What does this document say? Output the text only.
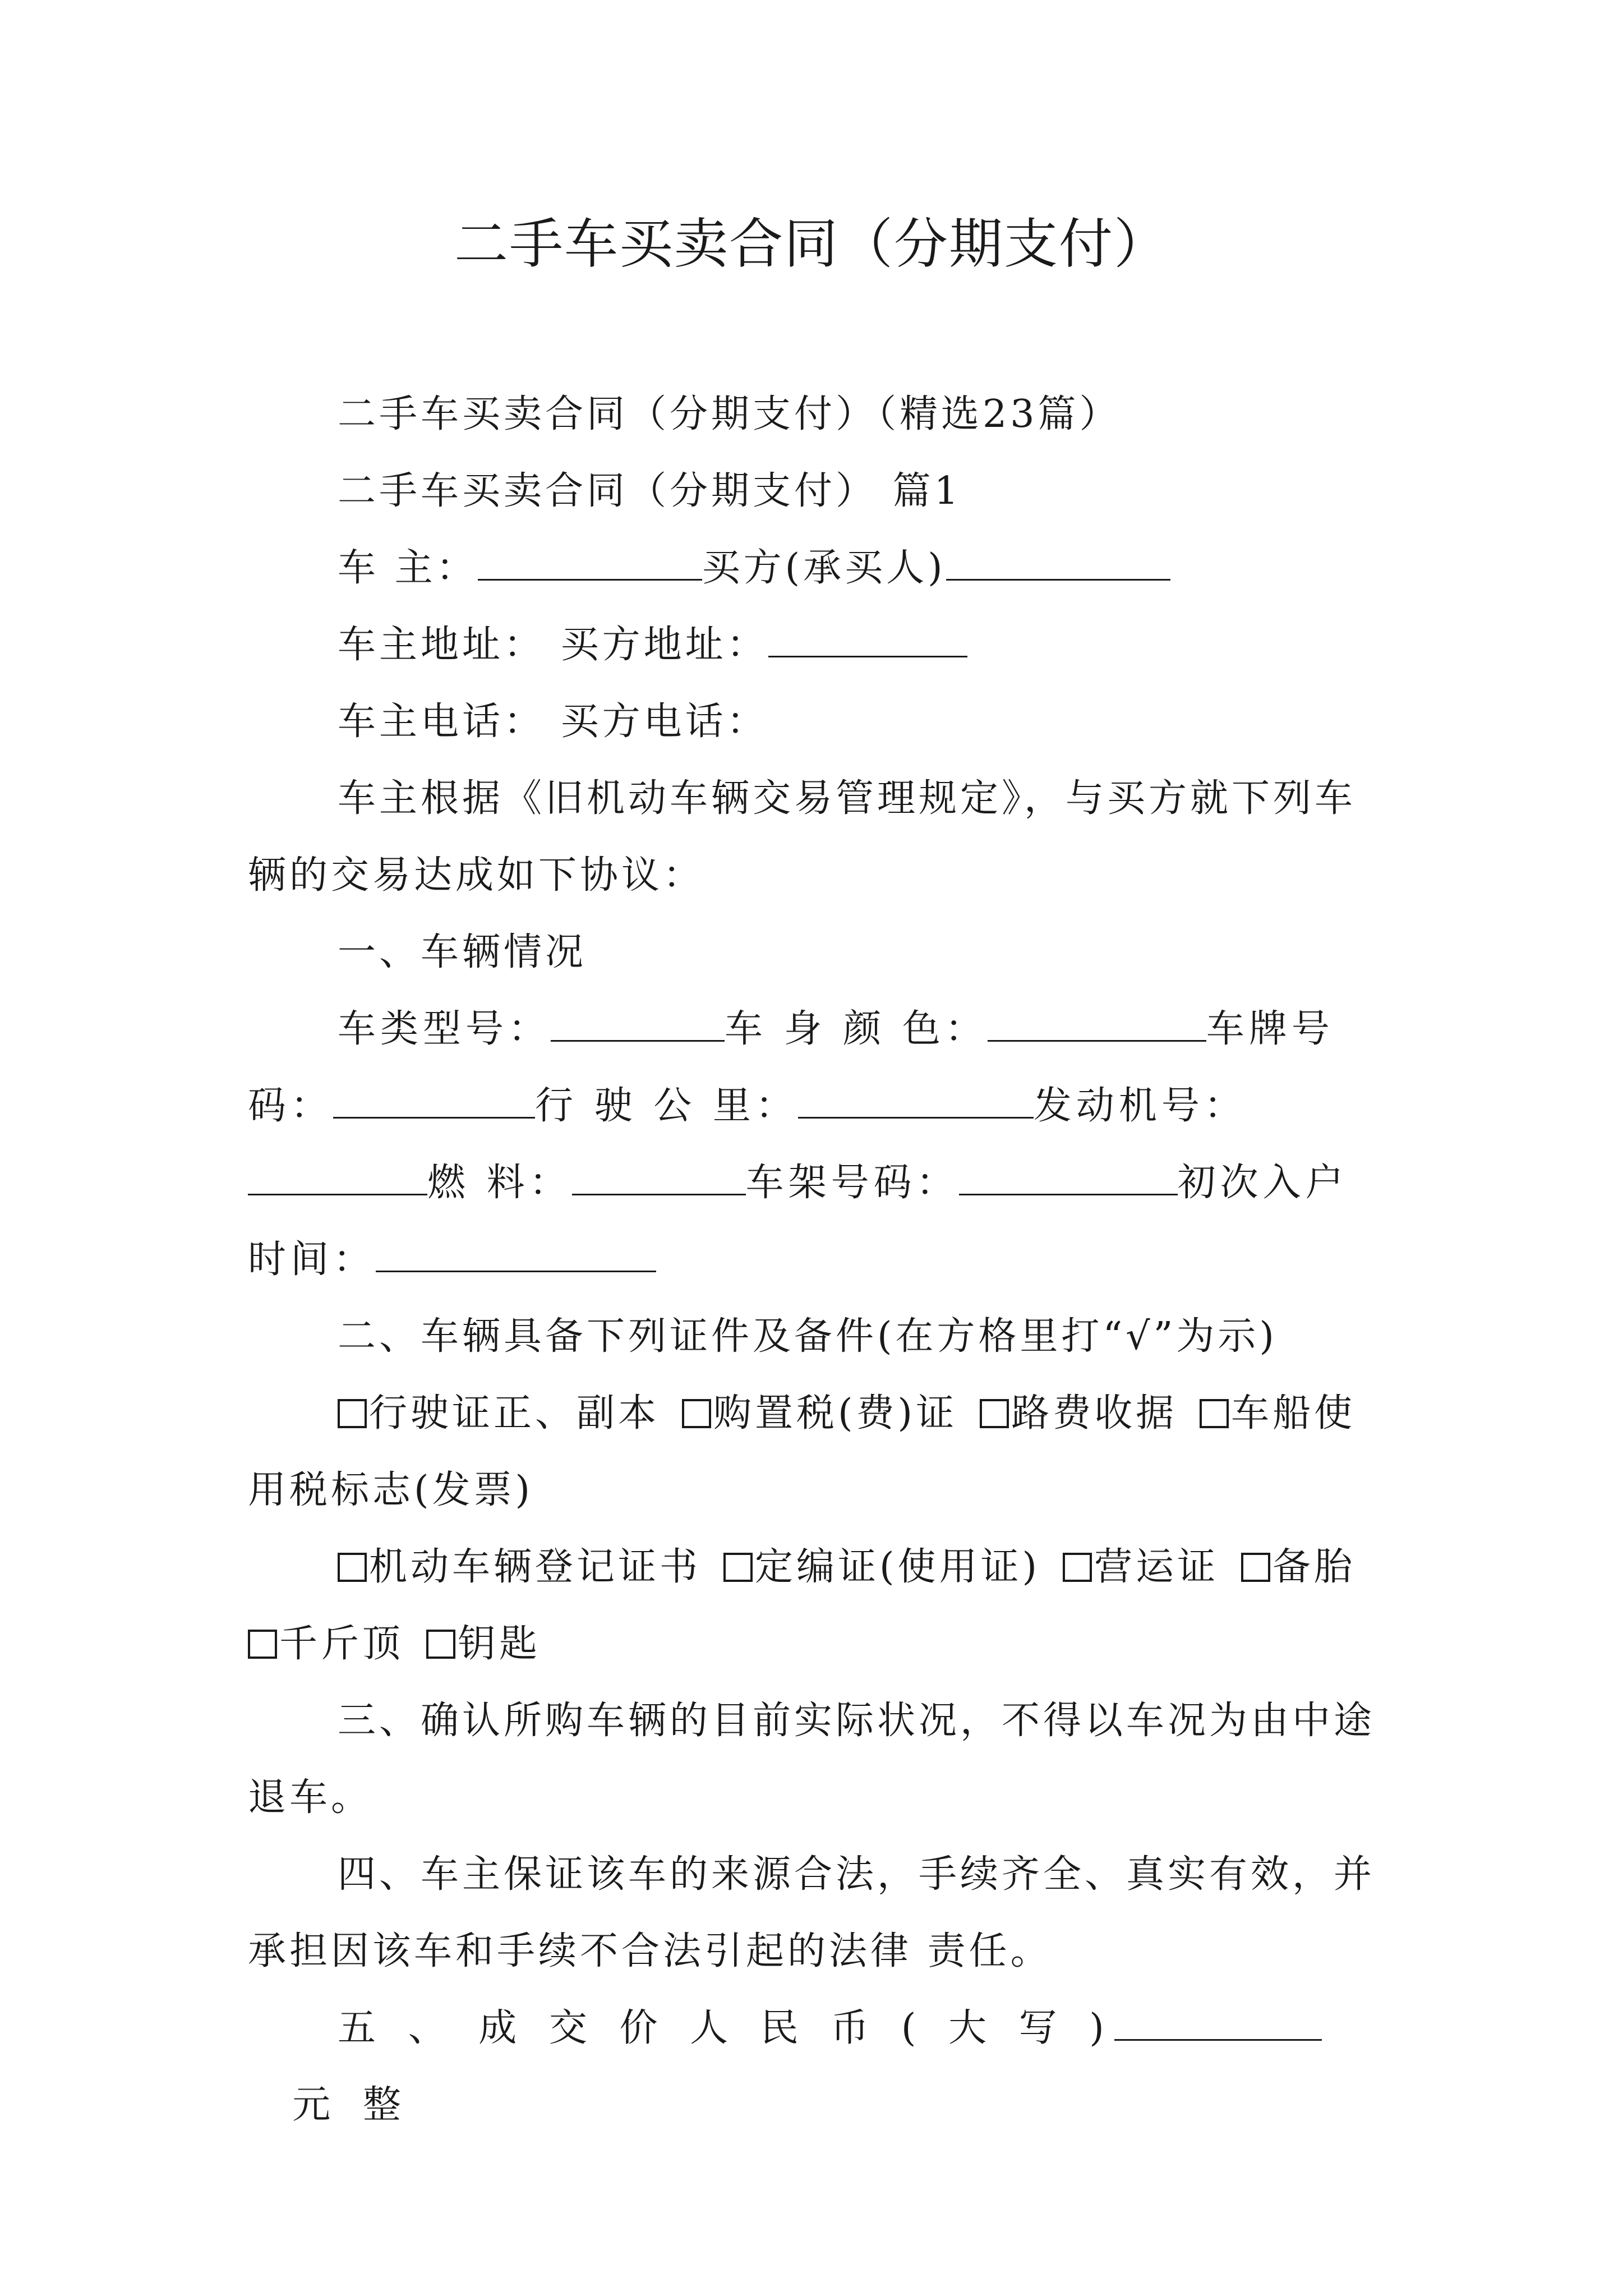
二手车买卖合同（分期支付）

二手车买卖合同（分期支付）（精选23篇）

二手车买卖合同（分期支付） 篇1

车 主：	买方(承买人)

车主地址： 买方地址：

车主电话： 买方电话：

车主根据《旧机动车辆交易管理规定》，与买方就下列车辆的交易达成如下协议：

一、车辆情况

车类型号：	车 身 颜 色：	车牌号码：	行 驶 公 里：	发动机号：燃 料：	车架号码：	初次入户时间：

二、车辆具备下列证件及备件(在方格里打“√”为示)

行驶证正、副本 购置税(费)证 路费收据 车船使用税标志(发票)

机动车辆登记证书 定编证(使用证) 营运证 备胎千斤顶 钥匙

三、确认所购车辆的目前实际状况，不得以车况为由中途退车。

四、车主保证该车的来源合法，手续齐全、真实有效，并承担因该车和手续不合法引起的法律 责任。

五 、 成 交 价 人 民 币 ( 大 写 )  元 整
